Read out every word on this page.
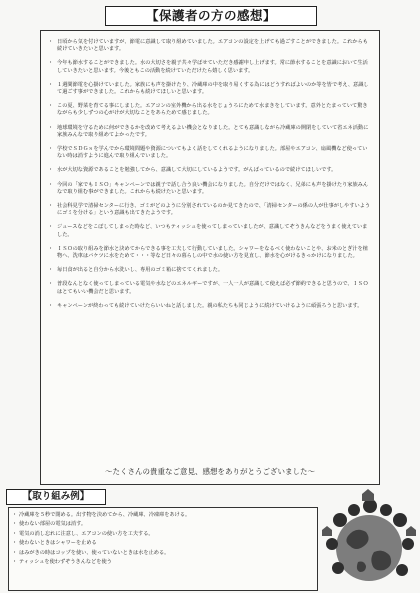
【保護者の方の感想】
・ 日頃から気を付けていますが、節電に意識して取り組めていました。エアコンの設定を上げても過ごすことができました。これからも続けていきたいと思います。
・ 今年も節水することができました。水の大切さを親子共々学ばせていただき感謝申し上げます。常に節水することを意識において生活していきたいと思います。今後ともこの活動を続けていただけたら嬉しく思います。
・ １週間節電を心掛けていました。家族にも声を掛けたり、冷蔵庫の中を取り易くする為にはどうすればよいのか等を皆で考え、意識して過ごす事ができました。これからも続けてほしいと思います。
・ この夏、野菜を育てる事にしました。エアコンの室外機から出る水をじょうろにためて水まきをしています。意外とたまっていて驚きながらも少しずつの心がけが大切なことをあらためて感じました。
・ 地球環境を守るために何ができるかを改めて考えるよい機会となりました。とても意識しながら冷蔵庫の開閉をしていて省エネ活動に家族みんなで取り組めてよかったです。
・ 学校でＳＤＧｓを学んでから環境問題や資源についてもよく話をしてくれるようになりました。部屋やエアコン、扇風機など使っていない時は消すように進んで取り組んでいました。
・ 水が大切な資源であることを勉強してから、意識して大切にしているようです。がんばっているので続けてほしいです。
・ 今回の「家でもＩＳＯ」キャンペーンでは親子で話し合う良い機会になりました。自分だけではなく、兄弟にも声を掛けたり家族みんなで取り組む事ができました。これからも続けたいと思います。
・ 社会科見学で清掃センターに行き、ゴミがどのように分別されているのか見てきたので、「清掃センターの係の人が仕事がしやすいようにゴミを分ける」という意識も出てきたようです。
・ ジュースなどをこぼしてしまった時など、いつもティッシュを使ってしまっていましたが、意識してぞうきんなどをうまく使えていました。
・ ＩＳＯの取り組みを節水と決めてからできる事を工夫して行動していました。シャワーをなるべく使わないことや、お米のとぎ汁を植物へ、洗車はバケツに水をためて・・・等など日々の暮らしの中で水の使い方を見直し、節水を心がけるきっかけになりました。
・ 毎日食が出ると自分から水洗いし、専用のゴミ箱に捨ててくれました。
・ 普段なんとなく使ってしまっている電気や水などのエネルギーですが、一人一人が意識して使えば必ず節約できると思うので、ＩＳＯはとてもいい機会だと思います。
・ キャンペーンが終わっても続けていけたらいいねと話しました。親の私たちも同じように続けていけるように頑張ろうと思います。
〜たくさんの貴重なご意見、感想をありがとうございました〜
【取り組み例】
・ 冷蔵庫を５秒で閉める。出す物を決めてから、冷蔵庫、冷凍庫をあける。
・ 使わない部屋の電気は消す。
・ 電気の消し忘れに注意し、エアコンの使い方を工夫する。
・ 使わないときはシャワーを止める
・ はみがきの時はコップを使い、使っていないときは水を止める。
・ ティッシュを使わずぞうきんなどを使う
